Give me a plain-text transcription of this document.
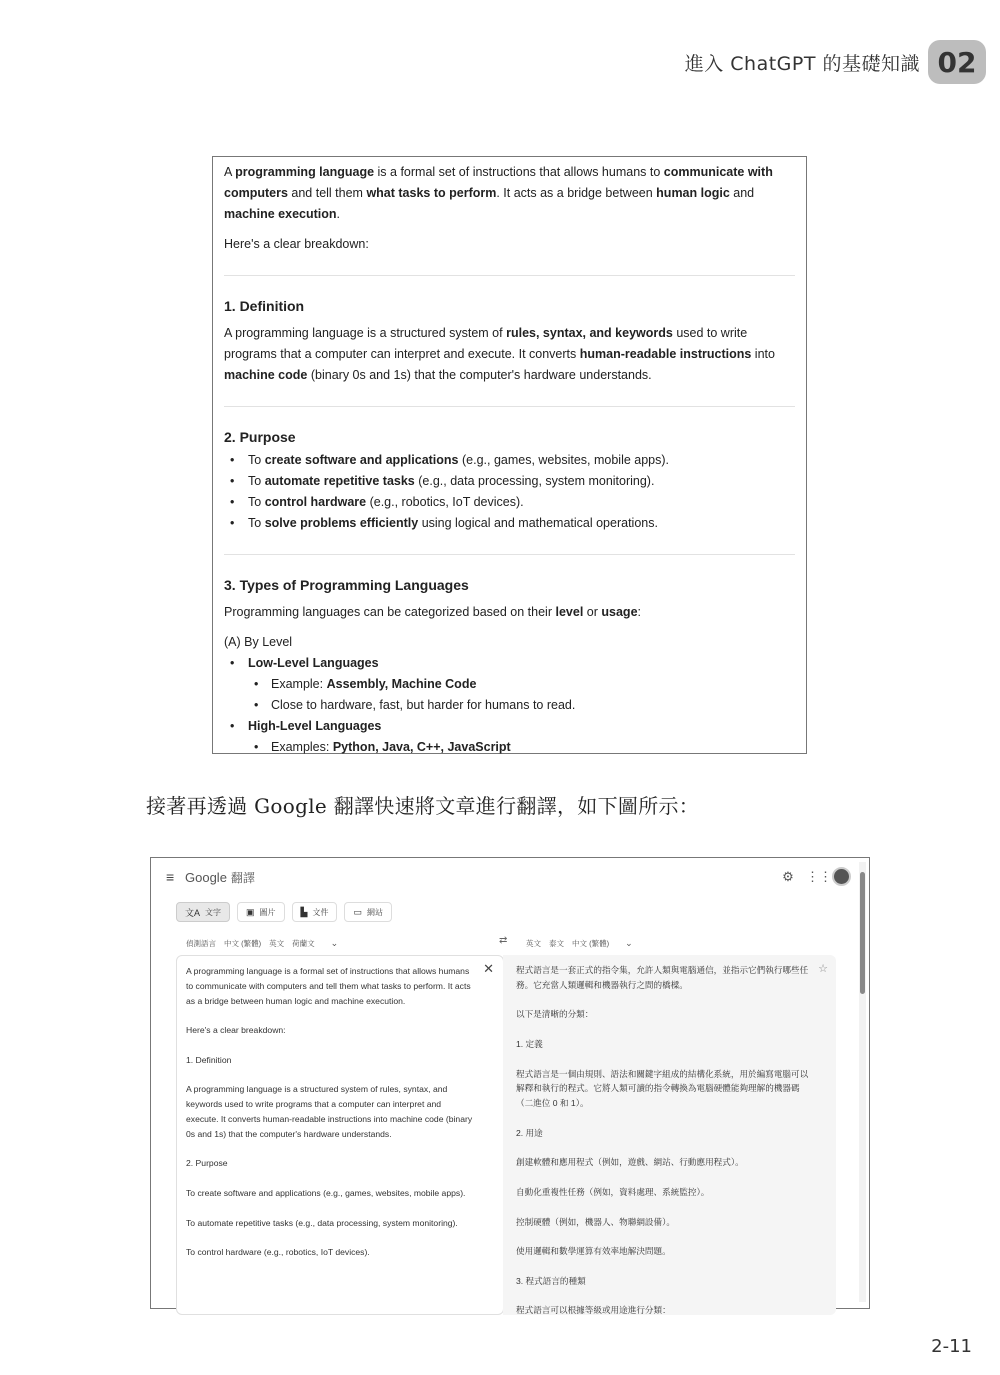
進入 ChatGPT 的基礎知識 02

A programming language is a formal set of instructions that allows humans to communicate with computers and tell them what tasks to perform. It acts as a bridge between human logic and machine execution.

Here's a clear breakdown:

1. Definition

A programming language is a structured system of rules, syntax, and keywords used to write programs that a computer can interpret and execute. It converts human-readable instructions into machine code (binary 0s and 1s) that the computer's hardware understands.

2. Purpose
• To create software and applications (e.g., games, websites, mobile apps).
• To automate repetitive tasks (e.g., data processing, system monitoring).
• To control hardware (e.g., robotics, IoT devices).
• To solve problems efficiently using logical and mathematical operations.
3. Types of Programming Languages

Programming languages can be categorized based on their level or usage:

(A) By Level

• Low-Level Languages
• Example: Assembly, Machine Code
• Close to hardware, fast, but harder for humans to read.
• High-Level Languages
• Examples: Python, Java, C++, JavaScript
接著再透過 Google 翻譯快速將文章進行翻譯，如下圖所示：
≡ Google 翻譯	⚙ ⋮⋮
文A 文字	▣ 圖片	▙ 文件	▭ 網站
偵測語言 中文 (繁體) 英文 荷蘭文 ⌄	⇄ 英文 泰文 中文 (繁體) ⌄
✕

A programming language is a formal set of instructions that allows humans to communicate with computers and tell them what tasks to perform. It acts as a bridge between human logic and machine execution.

Here's a clear breakdown:

1. Definition

A programming language is a structured system of rules, syntax, and keywords used to write programs that a computer can interpret and execute. It converts human-readable instructions into machine code (binary 0s and 1s) that the computer's hardware understands.

2. Purpose

To create software and applications (e.g., games, websites, mobile apps).

To automate repetitive tasks (e.g., data processing, system monitoring).

To control hardware (e.g., robotics, IoT devices).

☆

程式語言是一套正式的指令集，允許人類與電腦通信，並指示它們執行哪些任務。它充當人類邏輯和機器執行之間的橋樑。

以下是清晰的分類：

1. 定義

程式語言是一個由規則、語法和關鍵字組成的結構化系統，用於編寫電腦可以解釋和執行的程式。它將人類可讀的指令轉換為電腦硬體能夠理解的機器碼（二進位 0 和 1）。

2. 用途

創建軟體和應用程式（例如，遊戲、網站、行動應用程式）。

自動化重複性任務（例如，資料處理、系統監控）。

控制硬體（例如，機器人、物聯網設備）。

使用邏輯和數學運算有效率地解決問題。

3. 程式語言的種類

程式語言可以根據等級或用途進行分類：

2-11
